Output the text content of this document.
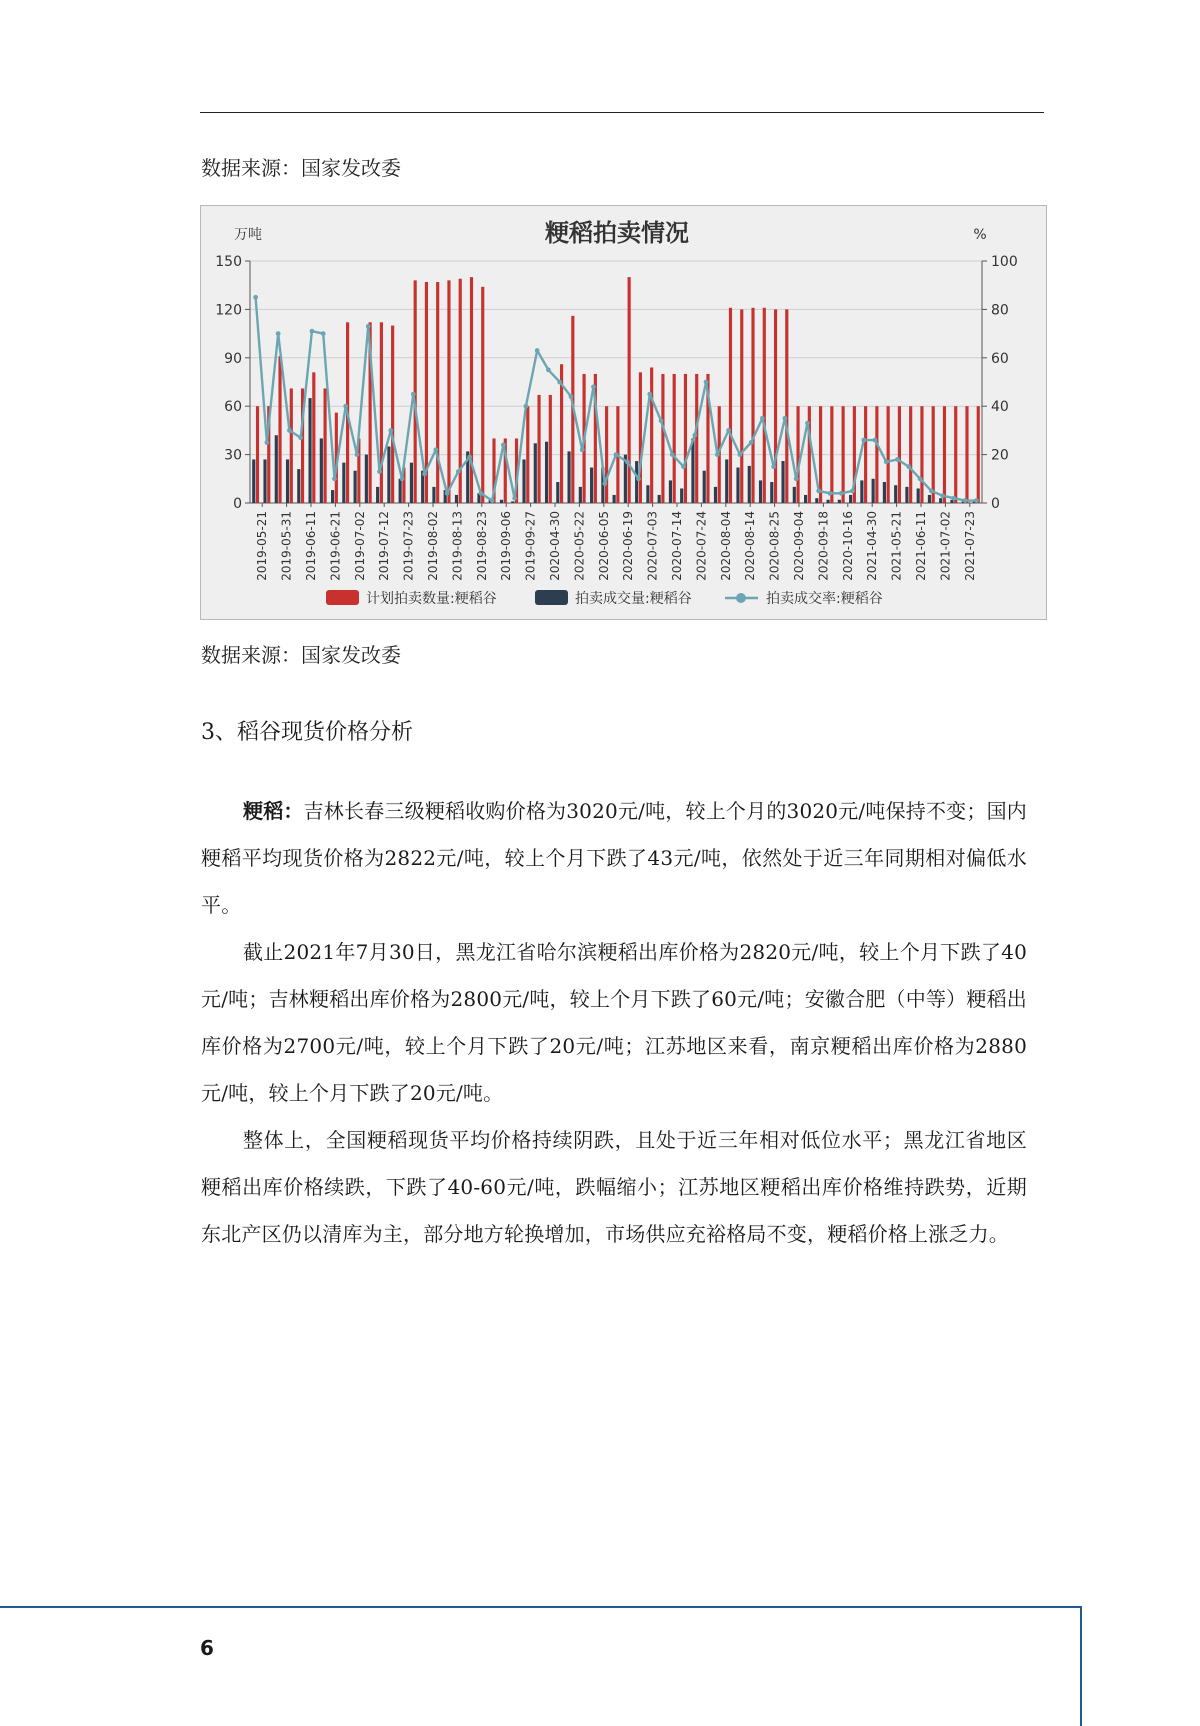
数据来源：国家发改委
粳稻拍卖情况
万吨	%
0
30
60
90
120
150
0
20
40
60
80
100
2019-05-21 2019-05-31 2019-06-11 2019-06-21 2019-07-02 2019-07-12 2019-07-23 2019-08-02 2019-08-13 2019-08-23 2019-09-06 2019-09-27 2020-04-30 2020-05-22 2020-06-05 2020-06-19 2020-07-03 2020-07-14 2020-07-24 2020-08-04 2020-08-14 2020-08-25 2020-09-04 2020-09-18 2020-10-16 2021-04-30 2021-05-21 2021-06-11 2021-07-02 2021-07-23
计划拍卖数量:粳稻谷	拍卖成交量:粳稻谷	拍卖成交率:粳稻谷
数据来源：国家发改委
3、稻谷现货价格分析
粳稻：吉林长春三级粳稻收购价格为3020元/吨，较上个月的3020元/吨保持不变；国内粳稻平均现货价格为2822元/吨，较上个月下跌了43元/吨，依然处于近三年同期相对偏低水平。
截止2021年7月30日，黑龙江省哈尔滨粳稻出库价格为2820元/吨，较上个月下跌了40元/吨；吉林粳稻出库价格为2800元/吨，较上个月下跌了60元/吨；安徽合肥（中等）粳稻出库价格为2700元/吨，较上个月下跌了20元/吨；江苏地区来看，南京粳稻出库价格为2880元/吨，较上个月下跌了20元/吨。
整体上，全国粳稻现货平均价格持续阴跌，且处于近三年相对低位水平；黑龙江省地区粳稻出库价格续跌，下跌了40-60元/吨，跌幅缩小；江苏地区粳稻出库价格维持跌势，近期东北产区仍以清库为主，部分地方轮换增加，市场供应充裕格局不变，粳稻价格上涨乏力。
6
